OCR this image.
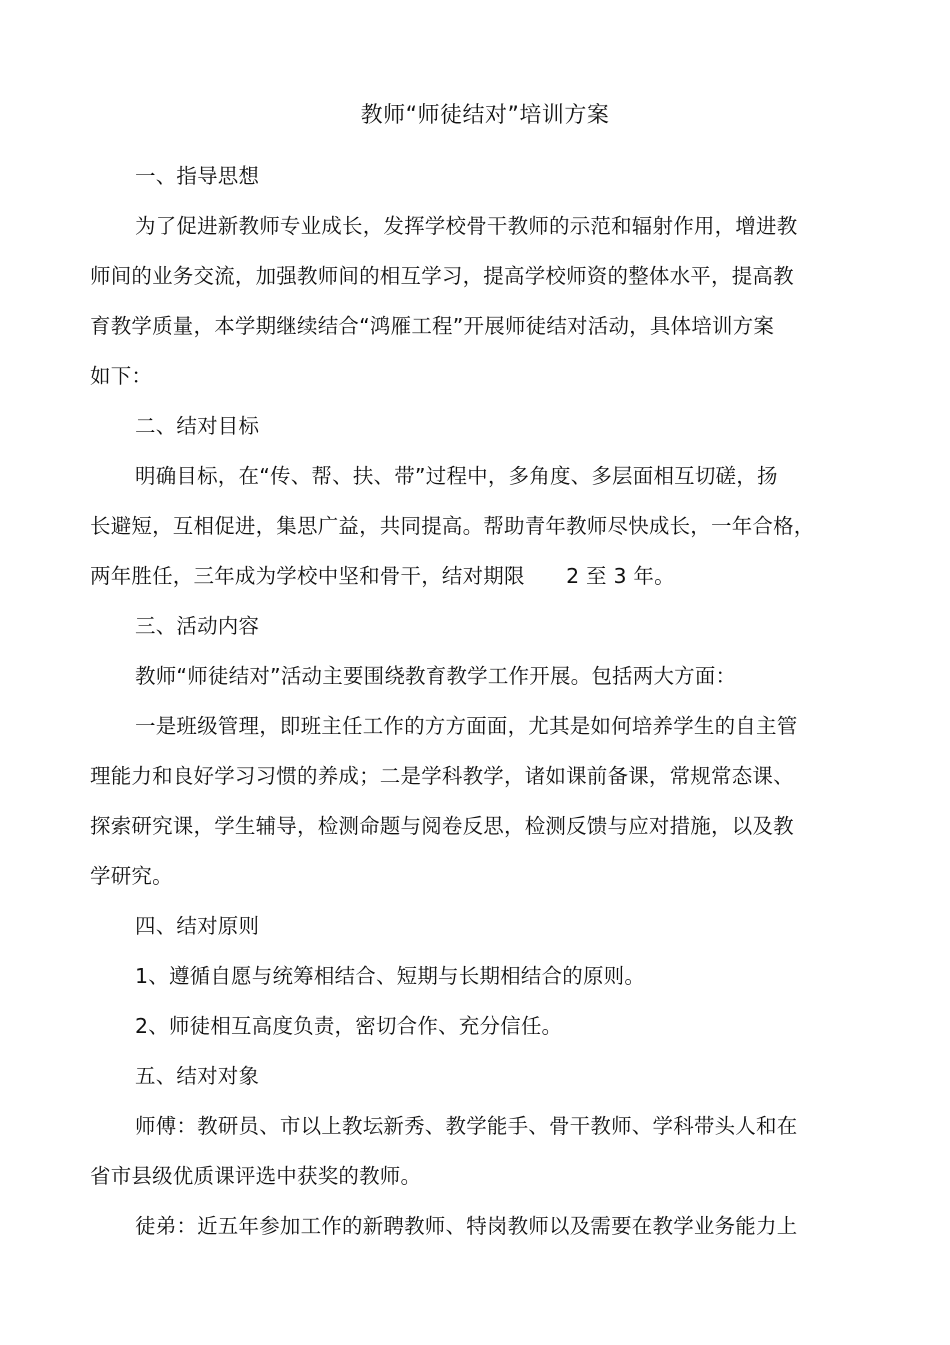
教师“师徒结对”培训方案
一、指导思想
为了促进新教师专业成长，发挥学校骨干教师的示范和辐射作用，增进教
师间的业务交流，加强教师间的相互学习，提高学校师资的整体水平，提高教
育教学质量，本学期继续结合“鸿雁工程”开展师徒结对活动，具体培训方案
如下：
二、结对目标
明确目标，在“传、帮、扶、带”过程中，多角度、多层面相互切磋，扬
长避短，互相促进，集思广益，共同提高。帮助青年教师尽快成长，一年合格，
两年胜任，三年成为学校中坚和骨干，结对期限　　2 至 3 年。
三、活动内容
教师“师徒结对”活动主要围绕教育教学工作开展。包括两大方面：
一是班级管理，即班主任工作的方方面面，尤其是如何培养学生的自主管
理能力和良好学习习惯的养成；二是学科教学，诸如课前备课，常规常态课、
探索研究课，学生辅导，检测命题与阅卷反思，检测反馈与应对措施，以及教
学研究。
四、结对原则
1、遵循自愿与统筹相结合、短期与长期相结合的原则。
2、师徒相互高度负责，密切合作、充分信任。
五、结对对象
师傅：教研员、市以上教坛新秀、教学能手、骨干教师、学科带头人和在
省市县级优质课评选中获奖的教师。
徒弟：近五年参加工作的新聘教师、特岗教师以及需要在教学业务能力上
